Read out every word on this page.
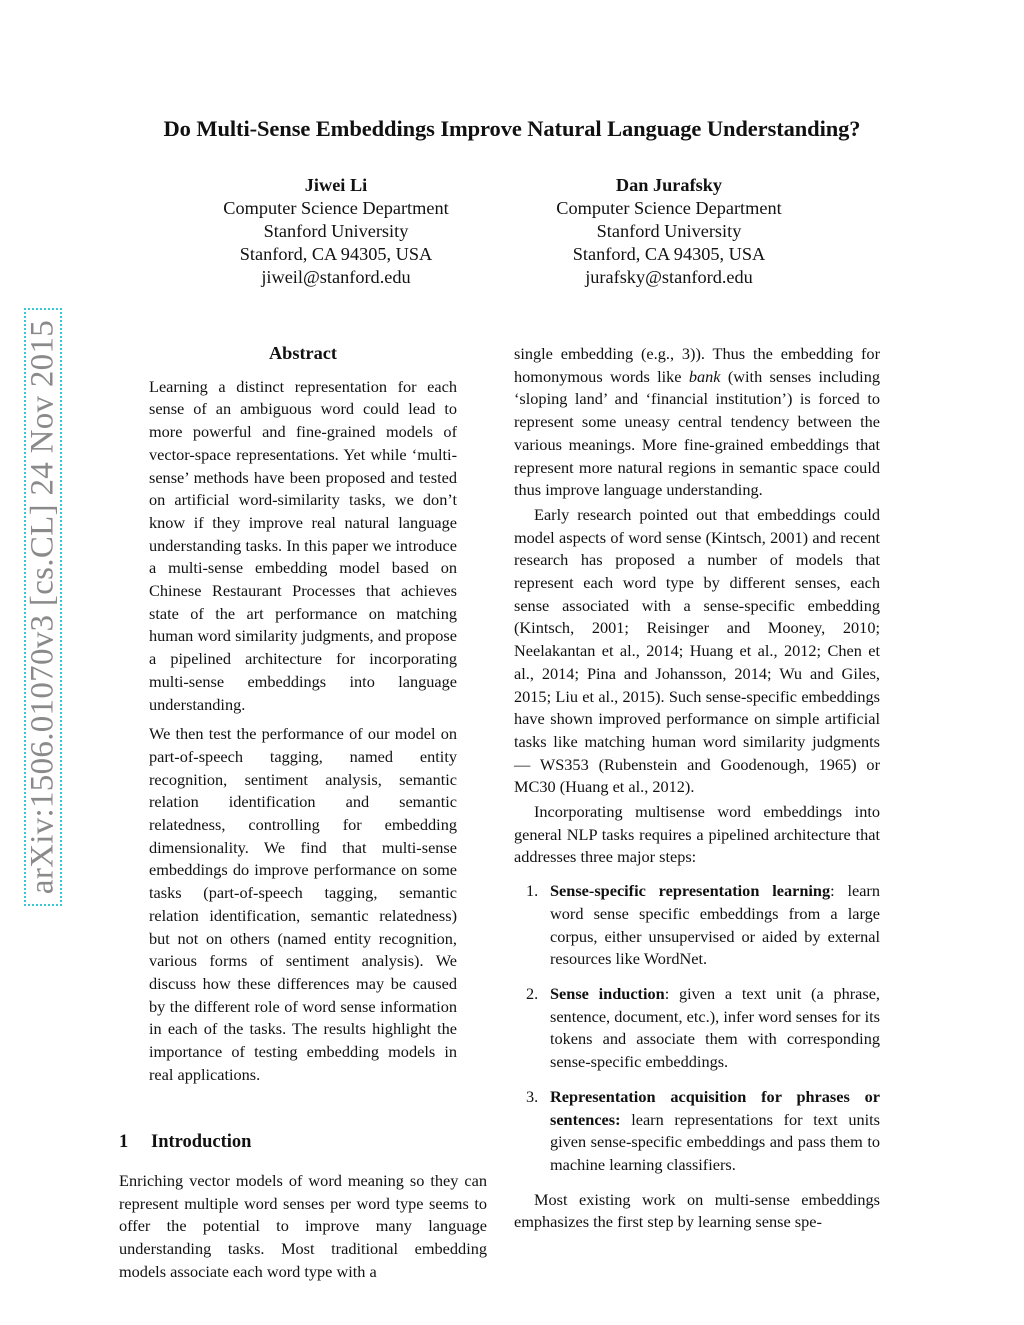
Do Multi-Sense Embeddings Improve Natural Language Understanding?
Jiwei Li
Computer Science Department
Stanford University
Stanford, CA 94305, USA
jiweil@stanford.edu
Dan Jurafsky
Computer Science Department
Stanford University
Stanford, CA 94305, USA
jurafsky@stanford.edu
arXiv:1506.01070v3 [cs.CL] 24 Nov 2015	Abstract

Learning a distinct representation for each sense of an ambiguous word could lead to more powerful and fine-grained models of vector-space representations. Yet while ‘multi-sense’ methods have been proposed and tested on artificial word-similarity tasks, we don’t know if they improve real natural language understanding tasks. In this paper we introduce a multi-sense embedding model based on Chinese Restaurant Processes that achieves state of the art performance on matching human word similarity judgments, and propose a pipelined architecture for incorporating multi-sense embeddings into language understanding.

We then test the performance of our model on part-of-speech tagging, named entity recognition, sentiment analysis, semantic relation identification and semantic relatedness, controlling for embedding dimensionality. We find that multi-sense embeddings do improve performance on some tasks (part-of-speech tagging, semantic relation identification, semantic relatedness) but not on others (named entity recognition, various forms of sentiment analysis). We discuss how these differences may be caused by the different role of word sense information in each of the tasks. The results highlight the importance of testing embedding models in real applications.

1 Introduction

Enriching vector models of word meaning so they can represent multiple word senses per word type seems to offer the potential to improve many language understanding tasks. Most traditional embedding models associate each word type with a

single embedding (e.g., 3)). Thus the embedding for homonymous words like bank (with senses including ‘sloping land’ and ‘financial institution’) is forced to represent some uneasy central tendency between the various meanings. More fine-grained embeddings that represent more natural regions in semantic space could thus improve language understanding.

Early research pointed out that embeddings could model aspects of word sense (Kintsch, 2001) and recent research has proposed a number of models that represent each word type by different senses, each sense associated with a sense-specific embedding (Kintsch, 2001; Reisinger and Mooney, 2010; Neelakantan et al., 2014; Huang et al., 2012; Chen et al., 2014; Pina and Johansson, 2014; Wu and Giles, 2015; Liu et al., 2015). Such sense-specific embeddings have shown improved performance on simple artificial tasks like matching human word similarity judgments— WS353 (Rubenstein and Goodenough, 1965) or MC30 (Huang et al., 2012).

Incorporating multisense word embeddings into general NLP tasks requires a pipelined architecture that addresses three major steps:

1. Sense-specific representation learning: learn word sense specific embeddings from a large corpus, either unsupervised or aided by external resources like WordNet.
2. Sense induction: given a text unit (a phrase, sentence, document, etc.), infer word senses for its tokens and associate them with corresponding sense-specific embeddings.
3. Representation acquisition for phrases or sentences: learn representations for text units given sense-specific embeddings and pass them to machine learning classifiers.

Most existing work on multi-sense embeddings emphasizes the first step by learning sense spe-
